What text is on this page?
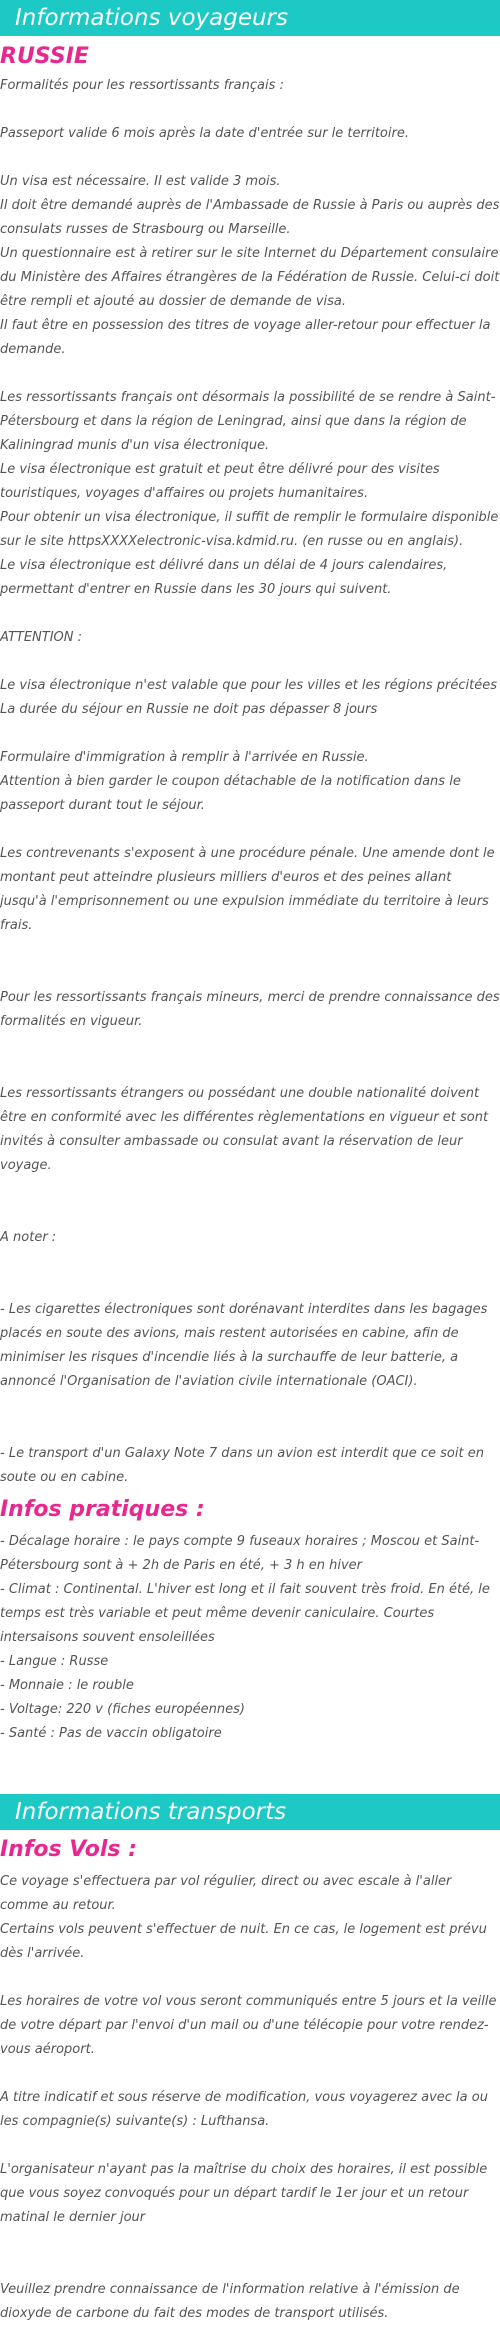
Informations voyageurs
RUSSIE
Formalités pour les ressortissants français :
Passeport valide 6 mois après la date d'entrée sur le territoire.
Un visa est nécessaire. Il est valide 3 mois.
Il doit être demandé auprès de l'Ambassade de Russie à Paris ou auprès des consulats russes de Strasbourg ou Marseille.
Un questionnaire est à retirer sur le site Internet du Département consulaire du Ministère des Affaires étrangères de la Fédération de Russie. Celui-ci doit être rempli et ajouté au dossier de demande de visa.
Il faut être en possession des titres de voyage aller-retour pour effectuer la demande.
Les ressortissants français ont désormais la possibilité de se rendre à Saint-Pétersbourg et dans la région de Leningrad, ainsi que dans la région de Kaliningrad munis d'un visa électronique.
Le visa électronique est gratuit et peut être délivré pour des visites touristiques, voyages d'affaires ou projets humanitaires.
Pour obtenir un visa électronique, il suffit de remplir le formulaire disponible sur le site httpsXXXXelectronic-visa.kdmid.ru. (en russe ou en anglais).
Le visa électronique est délivré dans un délai de 4 jours calendaires, permettant d'entrer en Russie dans les 30 jours qui suivent.
ATTENTION :
Le visa électronique n'est valable que pour les villes et les régions précitées
La durée du séjour en Russie ne doit pas dépasser 8 jours
Formulaire d'immigration à remplir à l'arrivée en Russie.
Attention à bien garder le coupon détachable de la notification dans le passeport durant tout le séjour.
Les contrevenants s'exposent à une procédure pénale. Une amende dont le montant peut atteindre plusieurs milliers d'euros et des peines allant jusqu'à l'emprisonnement ou une expulsion immédiate du territoire à leurs frais.
Pour les ressortissants français mineurs, merci de prendre connaissance des formalités en vigueur.
Les ressortissants étrangers ou possédant une double nationalité doivent être en conformité avec les différentes règlementations en vigueur et sont invités à consulter ambassade ou consulat avant la réservation de leur voyage.
A noter :
- Les cigarettes électroniques sont dorénavant interdites dans les bagages placés en soute des avions, mais restent autorisées en cabine, afin de minimiser les risques d'incendie liés à la surchauffe de leur batterie, a annoncé l'Organisation de l'aviation civile internationale (OACI).
- Le transport d'un Galaxy Note 7 dans un avion est interdit que ce soit en soute ou en cabine.
Infos pratiques :
- Décalage horaire : le pays compte 9 fuseaux horaires ; Moscou et Saint-Pétersbourg sont à + 2h de Paris en été, + 3 h en hiver
- Climat : Continental. L'hiver est long et il fait souvent très froid. En été, le temps est très variable et peut même devenir caniculaire. Courtes intersaisons souvent ensoleillées
- Langue : Russe
- Monnaie : le rouble
- Voltage: 220 v (fiches européennes)
- Santé : Pas de vaccin obligatoire
Informations transports
Infos Vols :
Ce voyage s'effectuera par vol régulier, direct ou avec escale à l'aller comme au retour.
Certains vols peuvent s'effectuer de nuit. En ce cas, le logement est prévu dès l'arrivée.
Les horaires de votre vol vous seront communiqués entre 5 jours et la veille de votre départ par l'envoi d'un mail ou d'une télécopie pour votre rendez-vous aéroport.
A titre indicatif et sous réserve de modification, vous voyagerez avec la ou les compagnie(s) suivante(s) : Lufthansa.
L'organisateur n'ayant pas la maîtrise du choix des horaires, il est possible que vous soyez convoqués pour un départ tardif le 1er jour et un retour matinal le dernier jour
Veuillez prendre connaissance de l'information relative à l'émission de dioxyde de carbone du fait des modes de transport utilisés.
